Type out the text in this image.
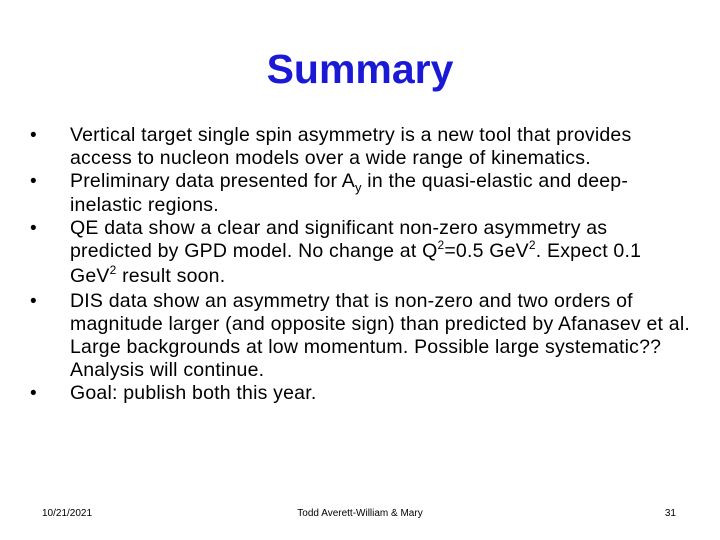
Summary
•	Vertical target single spin asymmetry is a new tool that provides access to nucleon models over a wide range of kinematics.
•	Preliminary data presented for $A_y$ in the quasi-elastic and deep-inelastic regions.
•	QE data show a clear and significant non-zero asymmetry as predicted by GPD model. No change at $Q^2=0.5$ GeV$^2$. Expect 0.1 GeV$^2$ result soon.
•	DIS data show an asymmetry that is non-zero and two orders of magnitude larger (and opposite sign) than predicted by Afanasev et al. Large backgrounds at low momentum. Possible large systematic?? Analysis will continue.
•	Goal: publish both this year.
10/21/2021	Todd Averett-William & Mary	31
